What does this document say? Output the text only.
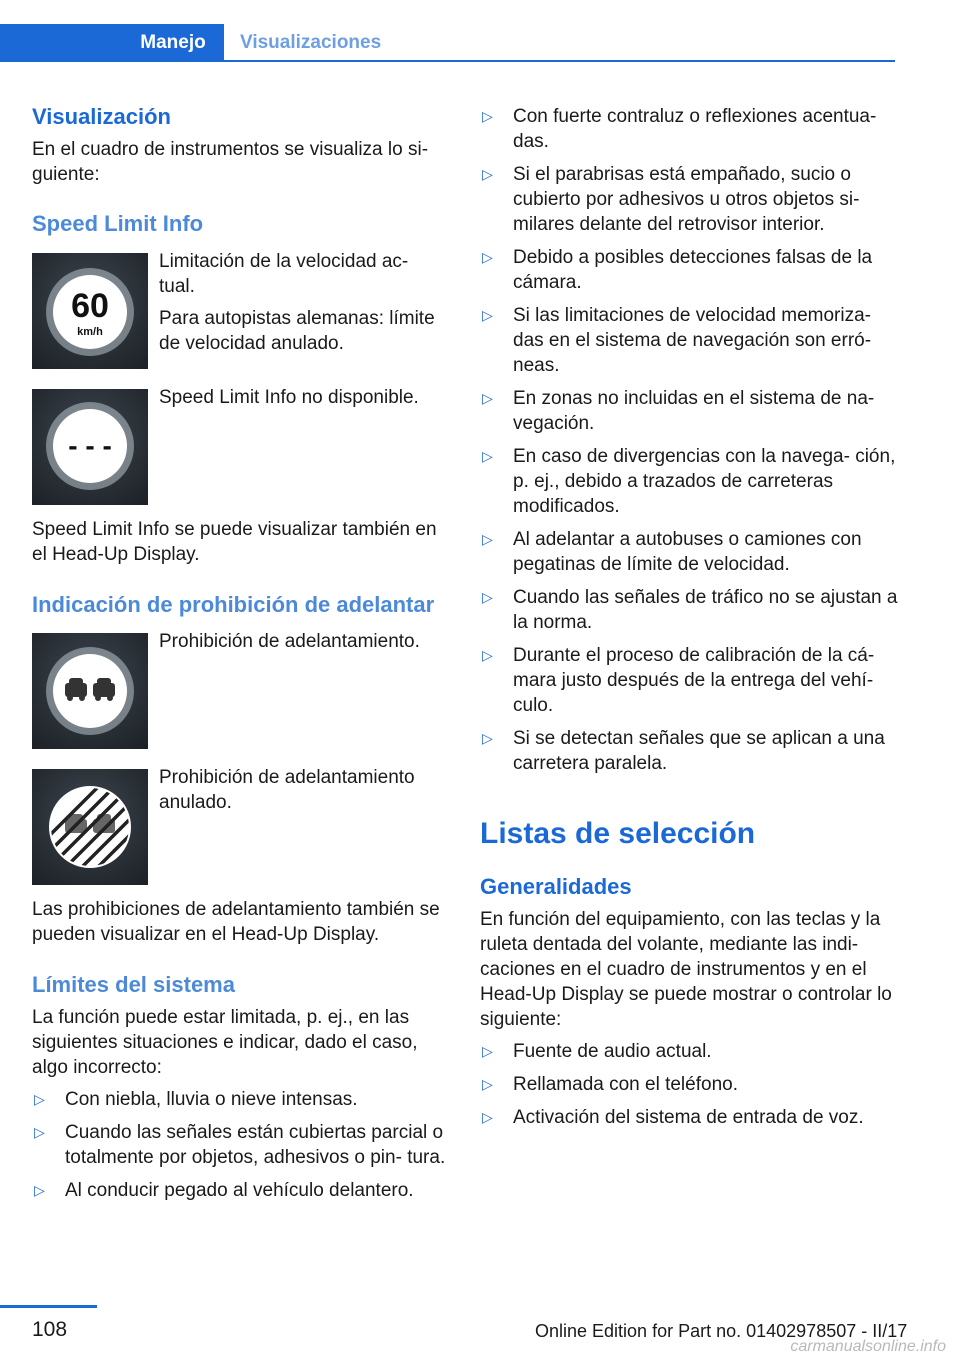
Manejo	Visualizaciones
Visualización
En el cuadro de instrumentos se visualiza lo si- guiente:
Speed Limit Info
60
km/h
Limitación de la velocidad ac- tual.
Para autopistas alemanas: límite de velocidad anulado.
- - -
Speed Limit Info no disponible.
Speed Limit Info se puede visualizar también en el Head-Up Display.
Indicación de prohibición de adelantar
Prohibición de adelantamiento.
Prohibición de adelantamiento anulado.
Las prohibiciones de adelantamiento también se pueden visualizar en el Head-Up Display.
Límites del sistema
La función puede estar limitada, p. ej., en las siguientes situaciones e indicar, dado el caso, algo incorrecto:
▷ Con niebla, lluvia o nieve intensas.
▷ Cuando las señales están cubiertas parcial o totalmente por objetos, adhesivos o pin- tura.
▷ Al conducir pegado al vehículo delantero.
▷ Con fuerte contraluz o reflexiones acentua- das.
▷ Si el parabrisas está empañado, sucio o cubierto por adhesivos u otros objetos si- milares delante del retrovisor interior.
▷ Debido a posibles detecciones falsas de la cámara.
▷ Si las limitaciones de velocidad memoriza- das en el sistema de navegación son erró- neas.
▷ En zonas no incluidas en el sistema de na- vegación.
▷ En caso de divergencias con la navega- ción, p. ej., debido a trazados de carreteras modificados.
▷ Al adelantar a autobuses o camiones con pegatinas de límite de velocidad.
▷ Cuando las señales de tráfico no se ajustan a la norma.
▷ Durante el proceso de calibración de la cá- mara justo después de la entrega del vehí- culo.
▷ Si se detectan señales que se aplican a una carretera paralela.
Listas de selección
Generalidades
En función del equipamiento, con las teclas y la ruleta dentada del volante, mediante las indi- caciones en el cuadro de instrumentos y en el Head-Up Display se puede mostrar o controlar lo siguiente:
▷ Fuente de audio actual.
▷ Rellamada con el teléfono.
▷ Activación del sistema de entrada de voz.
108	Online Edition for Part no. 01402978507 - II/17
carmanualsonline.info
